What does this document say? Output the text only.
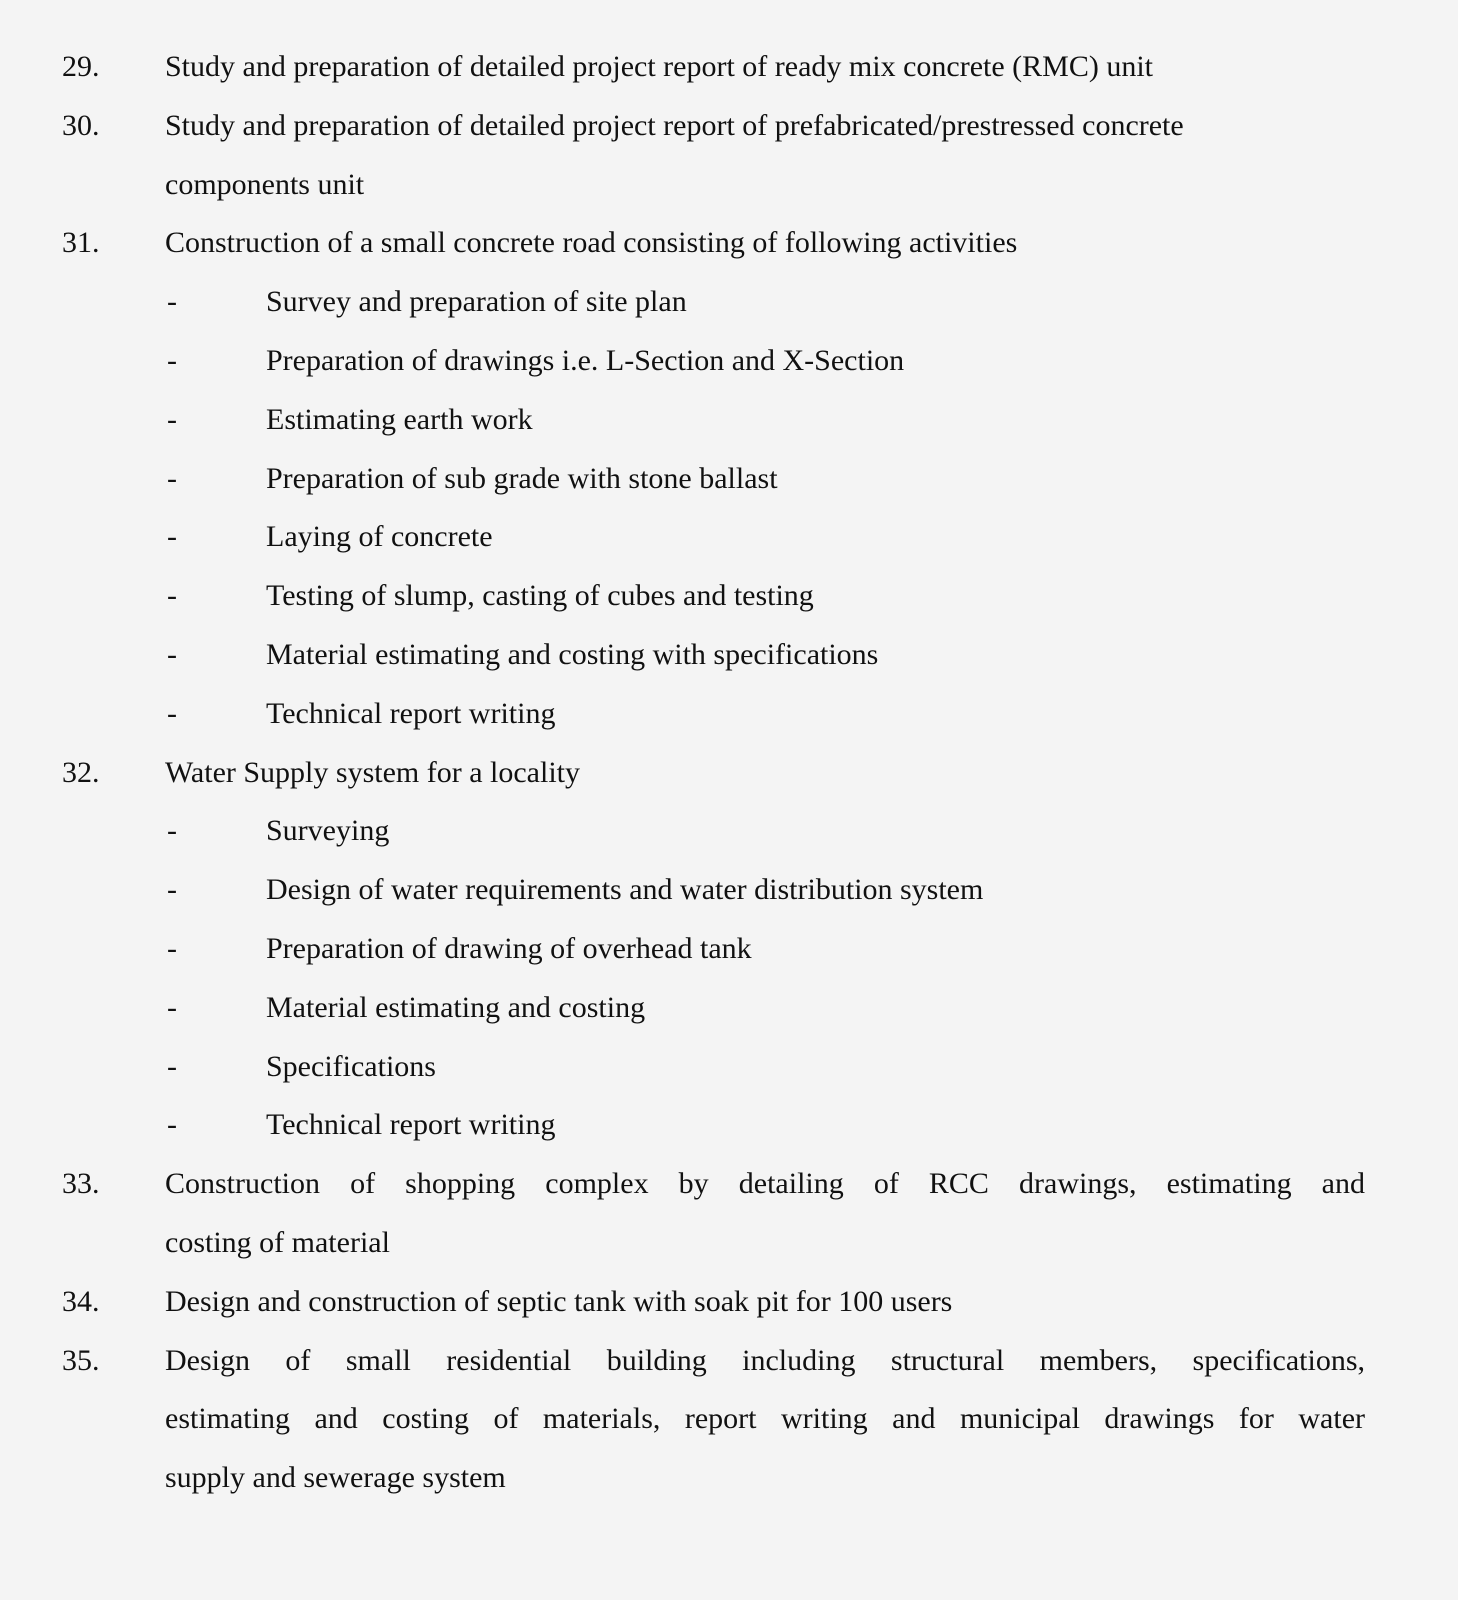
29. Study and preparation of detailed project report of ready mix concrete (RMC) unit
30. Study and preparation of detailed project report of prefabricated/prestressed concrete
components unit
31. Construction of a small concrete road consisting of following activities
-	Survey and preparation of site plan
-	Preparation of drawings i.e. L-Section and X-Section
-	Estimating earth work
-	Preparation of sub grade with stone ballast
-	Laying of concrete
-	Testing of slump, casting of cubes and testing
-	Material estimating and costing with specifications
-	Technical report writing
32. Water Supply system for a locality
-	Surveying
-	Design of water requirements and water distribution system
-	Preparation of drawing of overhead tank
-	Material estimating and costing
-	Specifications
-	Technical report writing
33. Construction of shopping complex by detailing of RCC drawings, estimating and
costing of material
34. Design and construction of septic tank with soak pit for 100 users
35. Design of small residential building including structural members, specifications,
estimating and costing of materials, report writing and municipal drawings for water
supply and sewerage system
